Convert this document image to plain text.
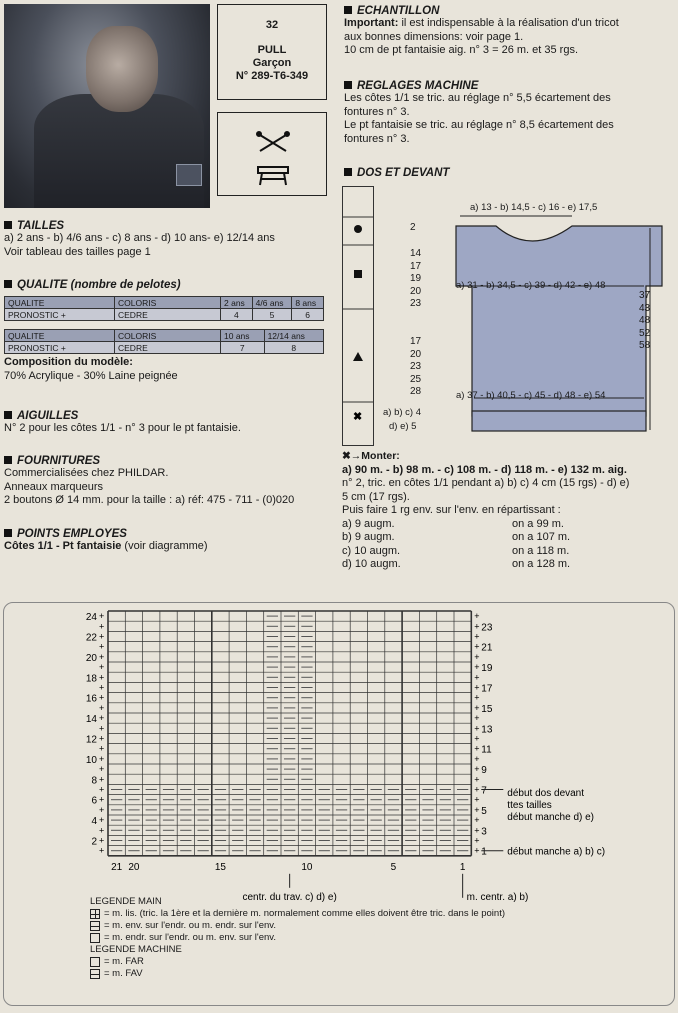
32
PULL
Garçon
N° 289-T6-349
TAILLES
a) 2 ans - b) 4/6 ans - c) 8 ans - d) 10 ans- e) 12/14 ans
Voir tableau des tailles page 1
QUALITE (nombre de pelotes)
QUALITE	COLORIS	2 ans	4/6 ans	8 ans
PRONOSTIC +	CEDRE	4	5	6
QUALITE	COLORIS	10 ans	12/14 ans
PRONOSTIC +	CEDRE	7	8
Composition du modèle:
70% Acrylique - 30% Laine peignée
AIGUILLES
N° 2 pour les côtes 1/1 - n° 3 pour le pt fantaisie.
FOURNITURES
Commercialisées chez PHILDAR.
Anneaux marqueurs
2 boutons Ø 14 mm. pour la taille : a) réf: 475 - 711 - (0)020
POINTS EMPLOYES
Côtes 1/1 - Pt fantaisie (voir diagramme)
ECHANTILLON
Important: il est indispensable à la réalisation d'un tricot
aux bonnes dimensions: voir page 1.
10 cm de pt fantaisie aig. n° 3 = 26 m. et 35 rgs.
REGLAGES MACHINE
Les côtes 1/1 se tric. au réglage n° 5,5 écartement des
fontures n° 3.
Le pt fantaisie se tric. au réglage n° 8,5 écartement des
fontures n° 3.
DOS ET DEVANT
✖
a) 13 - b) 14,5 - c) 16 - e) 17,5
2
14
17
19
20
23
a) 31 - b) 34,5 - c) 39 - d) 42 - e) 48
37
43
48
52
58
17
20
23
25
28	a) 37 - b) 40,5 - c) 45 - d) 48 - e) 54
a) b) c) 4
d) e) 5
✖→Monter:
a) 90 m. - b) 98 m. - c) 108 m. - d) 118 m. - e) 132 m. aig.
n° 2, tric. en côtes 1/1 pendant a) b) c) 4 cm (15 rgs) - d) e)
5 cm (17 rgs).
Puis faire 1 rg env. sur l'env. en répartissant :
a) 9 augm.	on a 99 m.
b) 9 augm.	on a 107 m.
c) 10 augm.	on a 118 m.
d) 10 augm.	on a 128 m.
+	+
+	+
+	+
+	+
+	+
+	+
+	+
+	+
+	+
+	+
+	+
+	+
+	+
+	+
+	+
+	+
+	+
+	+
+	+
+	+
+	+
+	+
+	+
+	+
2
4
6
8
10
12
14
16
18
20
22
24
1
3
5
7
9
11
13
15
17
19
21
23
21 20	15	10	5	1
début dos devant
ttes tailles
début manche d) e)
début manche a) b) c)
centr. du trav. c) d) e)	m. centr. a) b)
LEGENDE MAIN
= m. lis. (tric. la 1ère et la dernière m. normalement comme elles doivent être tric. dans le point)
= m. env. sur l'endr. ou m. endr. sur l'env.
= m. endr. sur l'endr. ou m. env. sur l'env.
LEGENDE MACHINE
= m. FAR
= m. FAV
